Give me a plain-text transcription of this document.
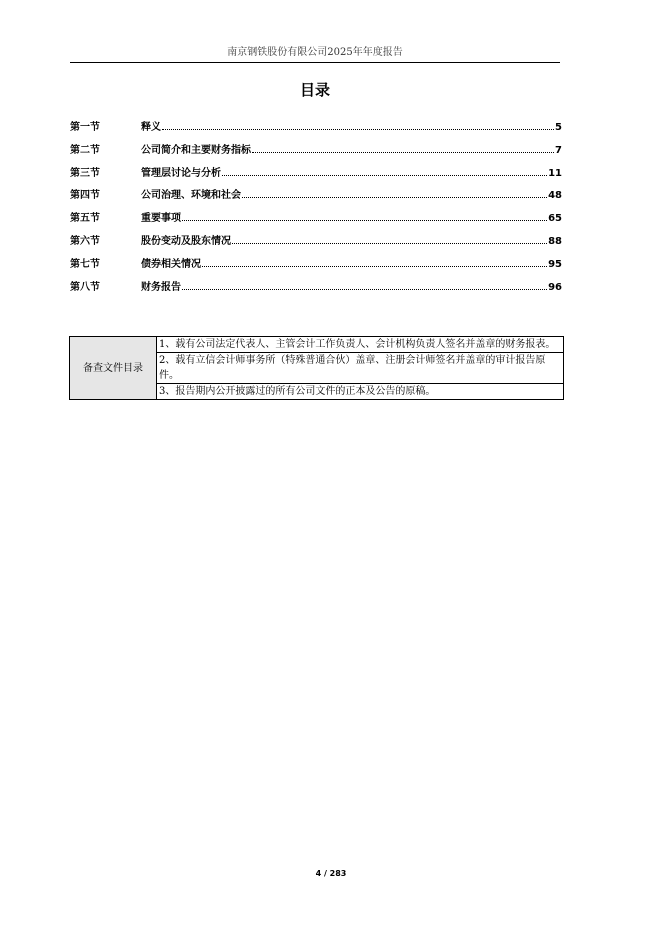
南京钢铁股份有限公司2025年年度报告
目录
第一节	释义	5
第二节	公司简介和主要财务指标	7
第三节	管理层讨论与分析	11
第四节	公司治理、环境和社会	48
第五节	重要事项	65
第六节	股份变动及股东情况	88
第七节	债券相关情况	95
第八节	财务报告	96
备查文件目录	1、载有公司法定代表人、主管会计工作负责人、会计机构负责人签名并盖章的财务报表。
2、载有立信会计师事务所（特殊普通合伙）盖章、注册会计师签名并盖章的审计报告原件。
3、报告期内公开披露过的所有公司文件的正本及公告的原稿。
4 / 283
